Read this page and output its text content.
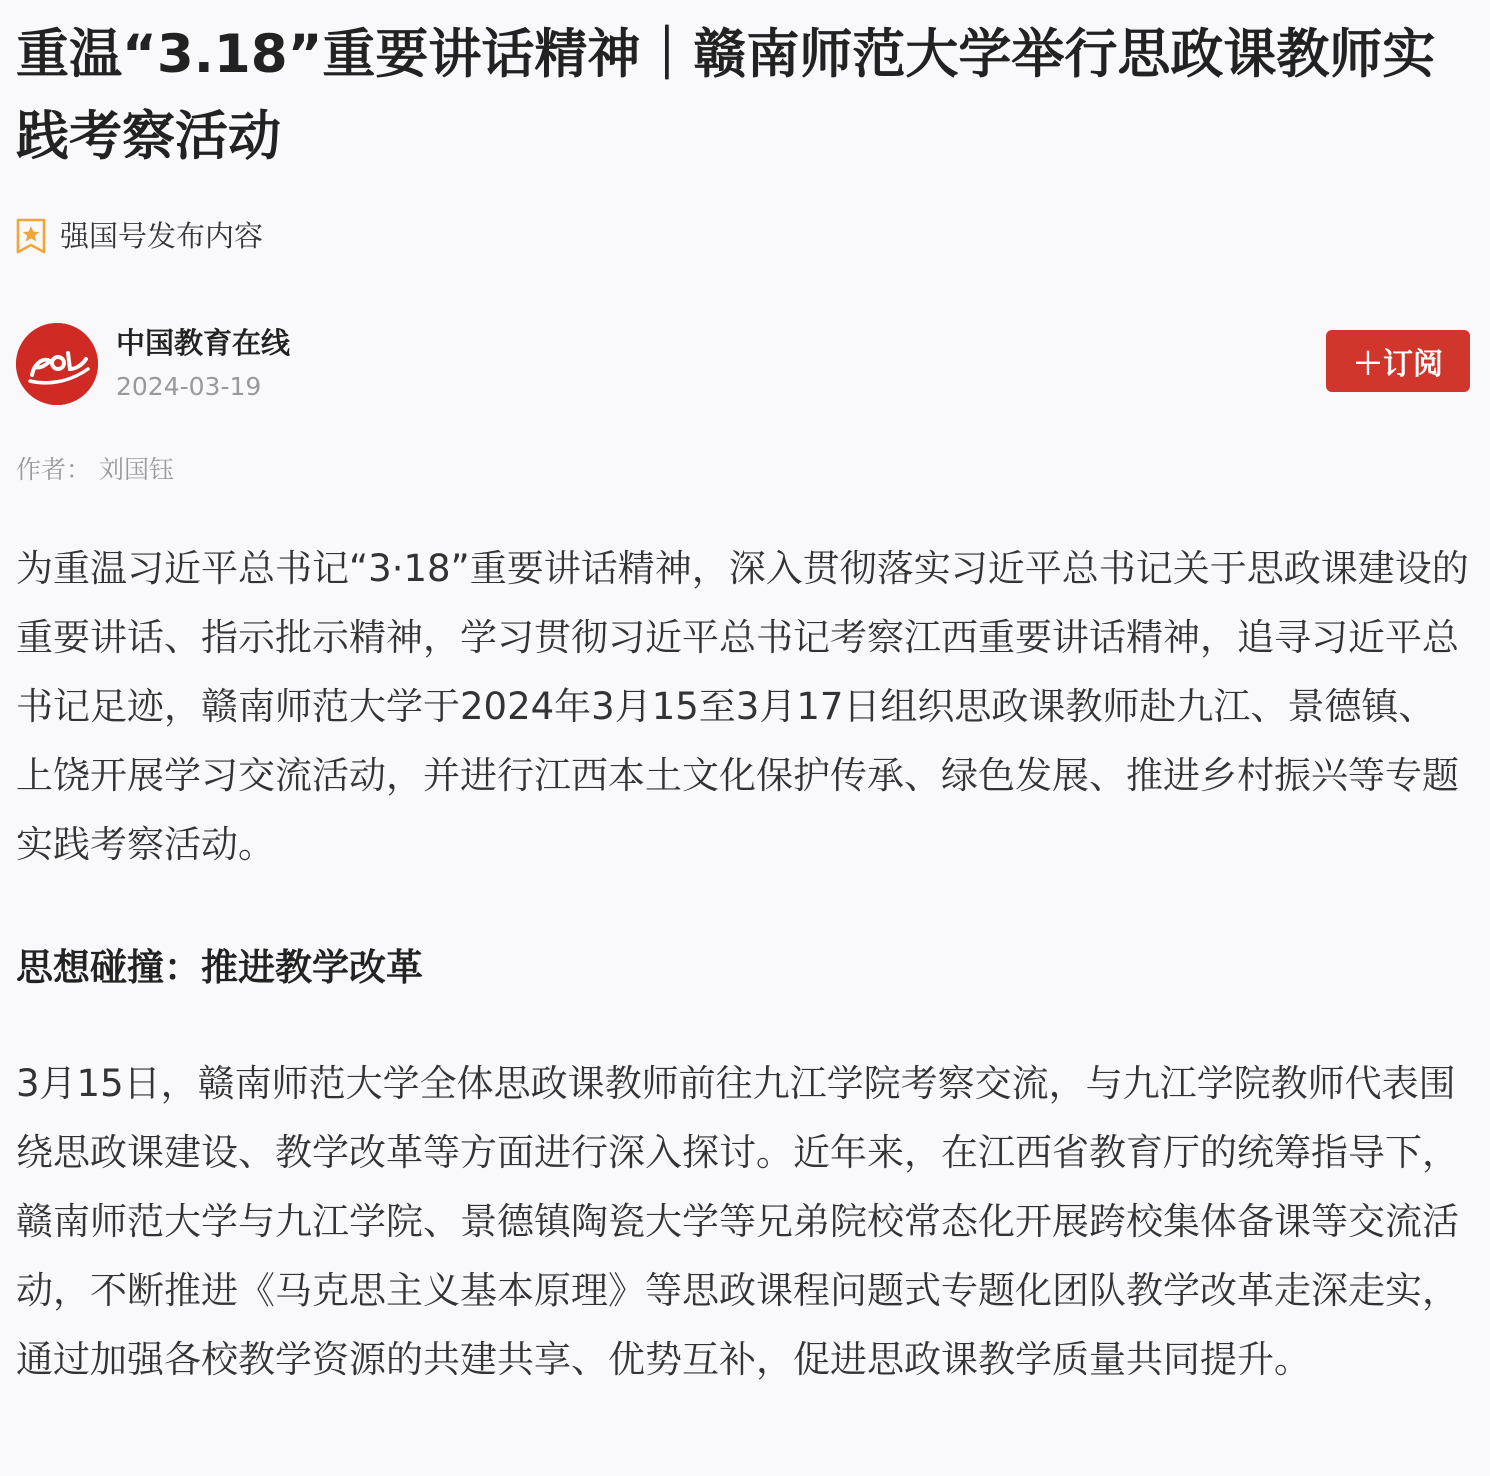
重温“3.18”重要讲话精神｜赣南师范大学举行思政课教师实践考察活动
强国号发布内容
中国教育在线
2024-03-19
＋订阅
作者： 刘国钰

为重温习近平总书记“3·18”重要讲话精神，深入贯彻落实习近平总书记关于思政课建设的重要讲话、指示批示精神，学习贯彻习近平总书记考察江西重要讲话精神，追寻习近平总书记足迹，赣南师范大学于2024年3月15至3月17日组织思政课教师赴九江、景德镇、上饶开展学习交流活动，并进行江西本土文化保护传承、绿色发展、推进乡村振兴等专题实践考察活动。

思想碰撞：推进教学改革

3月15日，赣南师范大学全体思政课教师前往九江学院考察交流，与九江学院教师代表围绕思政课建设、教学改革等方面进行深入探讨。近年来，在江西省教育厅的统筹指导下，赣南师范大学与九江学院、景德镇陶瓷大学等兄弟院校常态化开展跨校集体备课等交流活动，不断推进《马克思主义基本原理》等思政课程问题式专题化团队教学改革走深走实，通过加强各校教学资源的共建共享、优势互补，促进思政课教学质量共同提升。
